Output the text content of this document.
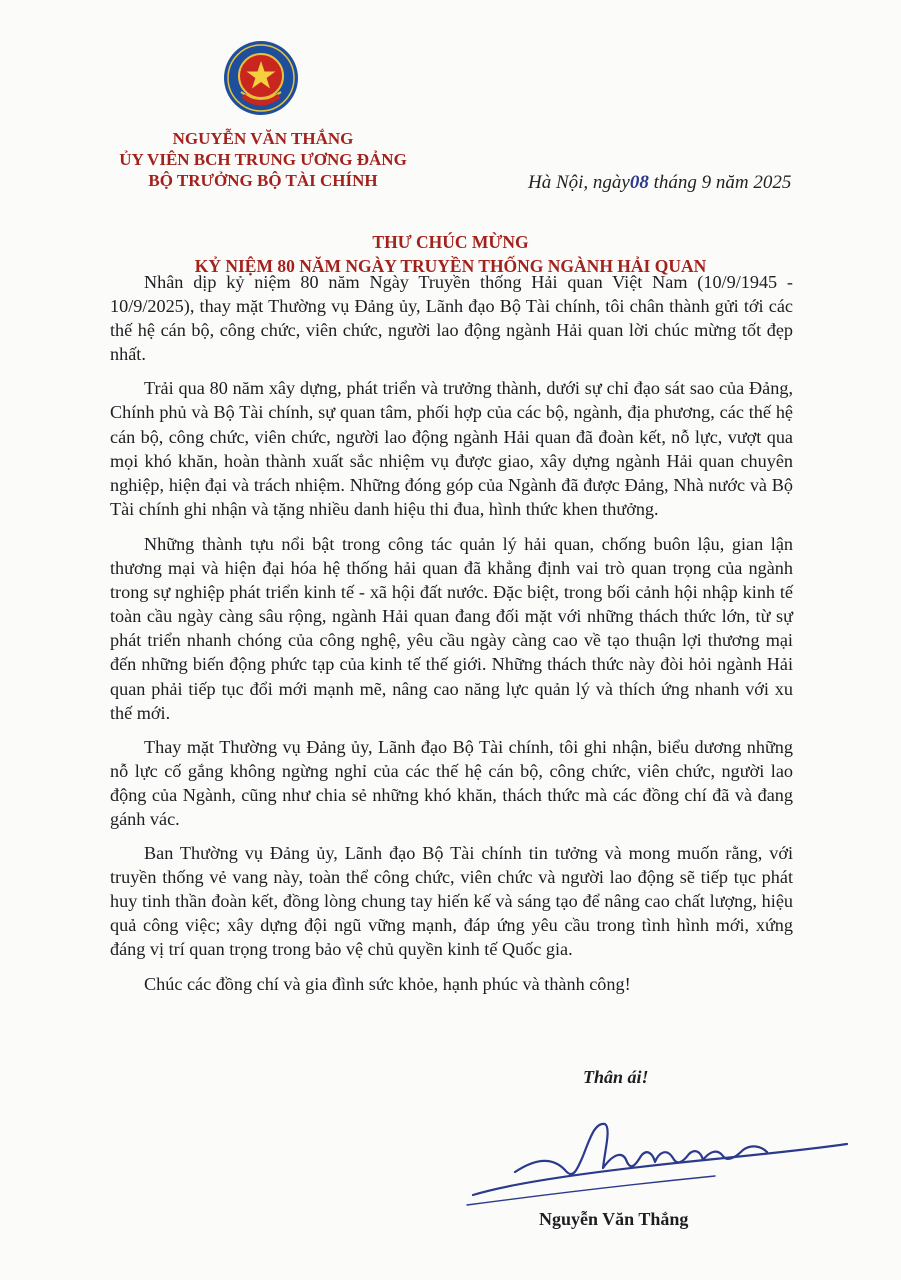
NGUYỄN VĂN THẮNG
ỦY VIÊN BCH TRUNG ƯƠNG ĐẢNG
BỘ TRƯỞNG BỘ TÀI CHÍNH	Hà Nội, ngày08 tháng 9 năm 2025
THƯ CHÚC MỪNG
KỶ NIỆM 80 NĂM NGÀY TRUYỀN THỐNG NGÀNH HẢI QUAN

Nhân dịp kỷ niệm 80 năm Ngày Truyền thống Hải quan Việt Nam (10/9/1945 - 10/9/2025), thay mặt Thường vụ Đảng ủy, Lãnh đạo Bộ Tài chính, tôi chân thành gửi tới các thế hệ cán bộ, công chức, viên chức, người lao động ngành Hải quan lời chúc mừng tốt đẹp nhất.

Trải qua 80 năm xây dựng, phát triển và trưởng thành, dưới sự chỉ đạo sát sao của Đảng, Chính phủ và Bộ Tài chính, sự quan tâm, phối hợp của các bộ, ngành, địa phương, các thế hệ cán bộ, công chức, viên chức, người lao động ngành Hải quan đã đoàn kết, nỗ lực, vượt qua mọi khó khăn, hoàn thành xuất sắc nhiệm vụ được giao, xây dựng ngành Hải quan chuyên nghiệp, hiện đại và trách nhiệm. Những đóng góp của Ngành đã được Đảng, Nhà nước và Bộ Tài chính ghi nhận và tặng nhiều danh hiệu thi đua, hình thức khen thưởng.

Những thành tựu nổi bật trong công tác quản lý hải quan, chống buôn lậu, gian lận thương mại và hiện đại hóa hệ thống hải quan đã khẳng định vai trò quan trọng của ngành trong sự nghiệp phát triển kinh tế - xã hội đất nước. Đặc biệt, trong bối cảnh hội nhập kinh tế toàn cầu ngày càng sâu rộng, ngành Hải quan đang đối mặt với những thách thức lớn, từ sự phát triển nhanh chóng của công nghệ, yêu cầu ngày càng cao về tạo thuận lợi thương mại đến những biến động phức tạp của kinh tế thế giới. Những thách thức này đòi hỏi ngành Hải quan phải tiếp tục đổi mới mạnh mẽ, nâng cao năng lực quản lý và thích ứng nhanh với xu thế mới.

Thay mặt Thường vụ Đảng ủy, Lãnh đạo Bộ Tài chính, tôi ghi nhận, biểu dương những nỗ lực cố gắng không ngừng nghỉ của các thế hệ cán bộ, công chức, viên chức, người lao động của Ngành, cũng như chia sẻ những khó khăn, thách thức mà các đồng chí đã và đang gánh vác.

Ban Thường vụ Đảng ủy, Lãnh đạo Bộ Tài chính tin tưởng và mong muốn rằng, với truyền thống vẻ vang này, toàn thể công chức, viên chức và người lao động sẽ tiếp tục phát huy tinh thần đoàn kết, đồng lòng chung tay hiến kế và sáng tạo để nâng cao chất lượng, hiệu quả công việc; xây dựng đội ngũ vững mạnh, đáp ứng yêu cầu trong tình hình mới, xứng đáng vị trí quan trọng trong bảo vệ chủ quyền kinh tế Quốc gia.

Chúc các đồng chí và gia đình sức khỏe, hạnh phúc và thành công!

Thân ái!
Nguyễn Văn Thắng
